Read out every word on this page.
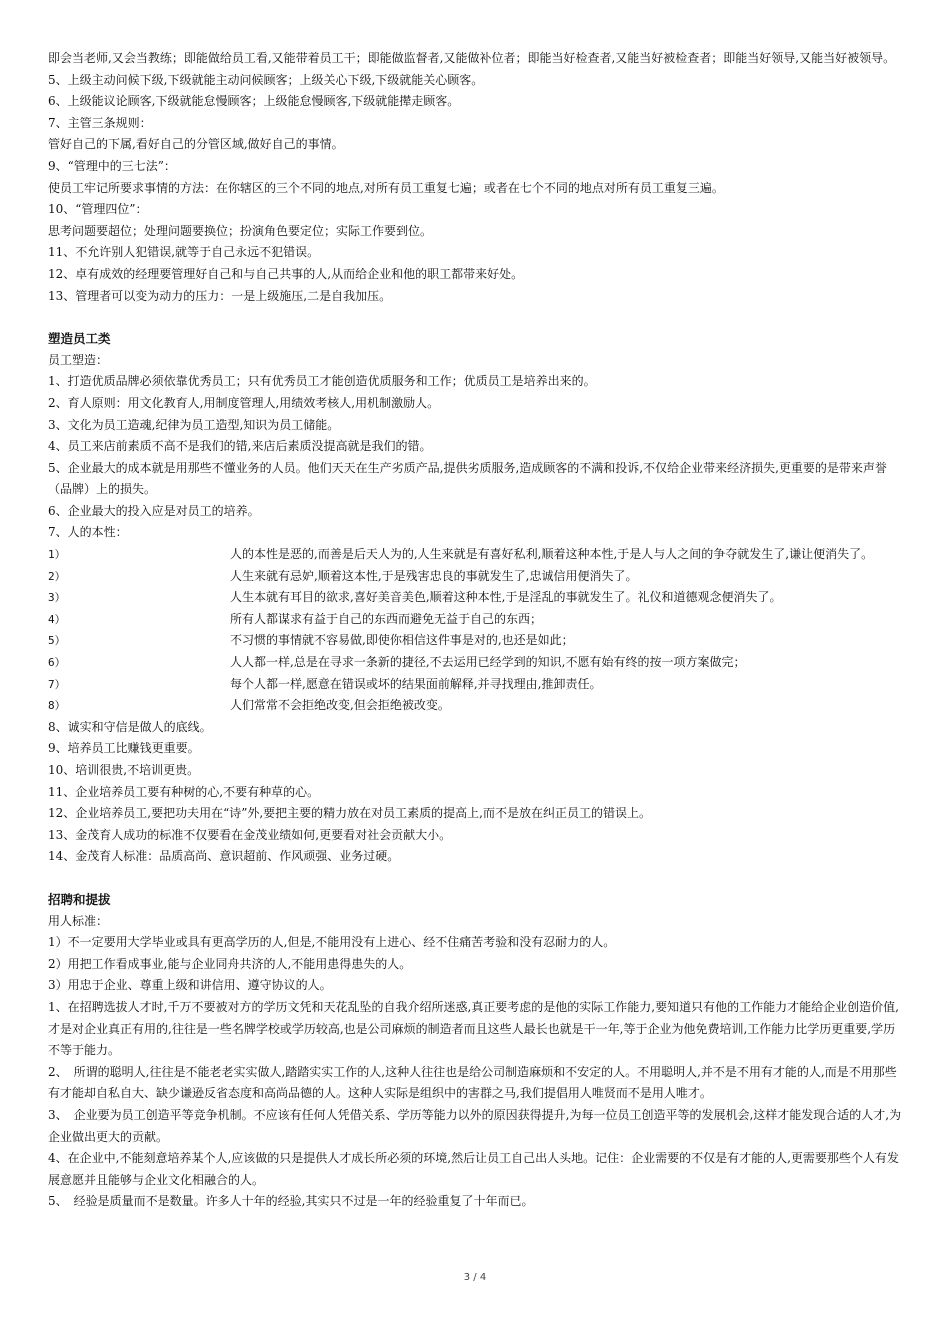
即会当老师,又会当教练；即能做给员工看,又能带着员工干；即能做监督者,又能做补位者；即能当好检查者,又能当好被检查者；即能当好领导,又能当好被领导。

5、上级主动问候下级,下级就能主动问候顾客；上级关心下级,下级就能关心顾客。

6、上级能议论顾客,下级就能怠慢顾客；上级能怠慢顾客,下级就能撵走顾客。

7、主管三条规则：

管好自己的下属,看好自己的分管区域,做好自己的事情。

9、“管理中的三七法”：

使员工牢记所要求事情的方法：在你辖区的三个不同的地点,对所有员工重复七遍；或者在七个不同的地点对所有员工重复三遍。

10、“管理四位”：

思考问题要超位；处理问题要换位；扮演角色要定位；实际工作要到位。

11、不允许别人犯错误,就等于自己永远不犯错误。

12、卓有成效的经理要管理好自己和与自己共事的人,从而给企业和他的职工都带来好处。

13、管理者可以变为动力的压力：一是上级施压,二是自我加压。

塑造员工类

员工塑造：

1、打造优质品牌必须依靠优秀员工；只有优秀员工才能创造优质服务和工作；优质员工是培养出来的。

2、育人原则：用文化教育人,用制度管理人,用绩效考核人,用机制激励人。

3、文化为员工造魂,纪律为员工造型,知识为员工储能。

4、员工来店前素质不高不是我们的错,来店后素质没提高就是我们的错。

5、企业最大的成本就是用那些不懂业务的人员。他们天天在生产劣质产品,提供劣质服务,造成顾客的不满和投诉,不仅给企业带来经济损失,更重要的是带来声誉（品牌）上的损失。

6、企业最大的投入应是对员工的培养。

7、人的本性：

1）	人的本性是恶的,而善是后天人为的,人生来就是有喜好私利,顺着这种本性,于是人与人之间的争夺就发生了,谦让便消失了。

2）	人生来就有忌妒,顺着这本性,于是残害忠良的事就发生了,忠诚信用便消失了。

3）	人生本就有耳目的欲求,喜好美音美色,顺着这种本性,于是淫乱的事就发生了。礼仪和道德观念便消失了。

4）	所有人都谋求有益于自己的东西而避免无益于自己的东西；

5）	不习惯的事情就不容易做,即使你相信这件事是对的,也还是如此；

6）	人人都一样,总是在寻求一条新的捷径,不去运用已经学到的知识,不愿有始有终的按一项方案做完；

7）	每个人都一样,愿意在错误或坏的结果面前解释,并寻找理由,推卸责任。

8）	人们常常不会拒绝改变,但会拒绝被改变。

8、诚实和守信是做人的底线。

9、培养员工比赚钱更重要。

10、培训很贵,不培训更贵。

11、企业培养员工要有种树的心,不要有种草的心。

12、企业培养员工,要把功夫用在“诗”外,要把主要的精力放在对员工素质的提高上,而不是放在纠正员工的错误上。

13、金茂育人成功的标准不仅要看在金茂业绩如何,更要看对社会贡献大小。

14、金茂育人标准：品质高尚、意识超前、作风顽强、业务过硬。

招聘和提拔

用人标准：

1）不一定要用大学毕业或具有更高学历的人,但是,不能用没有上进心、经不住痛苦考验和没有忍耐力的人。

2）用把工作看成事业,能与企业同舟共济的人,不能用患得患失的人。

3）用忠于企业、尊重上级和讲信用、遵守协议的人。

1、在招聘选拔人才时,千万不要被对方的学历文凭和天花乱坠的自我介绍所迷惑,真正要考虑的是他的实际工作能力,要知道只有他的工作能力才能给企业创造价值,才是对企业真正有用的,往往是一些名牌学校或学历较高,也是公司麻烦的制造者而且这些人最长也就是干一年,等于企业为他免费培训,工作能力比学历更重要,学历不等于能力。

2、　所谓的聪明人,往往是不能老老实实做人,踏踏实实工作的人,这种人往往也是给公司制造麻烦和不安定的人。不用聪明人,并不是不用有才能的人,而是不用那些有才能却自私自大、缺少谦逊反省态度和高尚品德的人。这种人实际是组织中的害群之马,我们提倡用人唯贤而不是用人唯才。

3、　企业要为员工创造平等竞争机制。不应该有任何人凭借关系、学历等能力以外的原因获得提升,为每一位员工创造平等的发展机会,这样才能发现合适的人才,为企业做出更大的贡献。

4、在企业中,不能刻意培养某个人,应该做的只是提供人才成长所必须的环境,然后让员工自己出人头地。记住：企业需要的不仅是有才能的人,更需要那些个人有发展意愿并且能够与企业文化相融合的人。

5、　经验是质量而不是数量。许多人十年的经验,其实只不过是一年的经验重复了十年而已。

3 / 4
